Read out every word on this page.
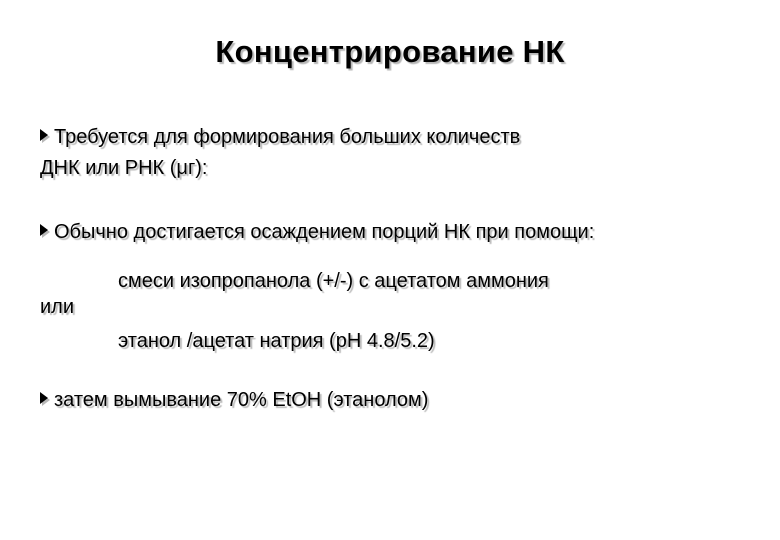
Концентрирование НК
Требуется для формирования больших количеств
ДНК или РНК (μг):
Обычно достигается осаждением порций НК при помощи:
смеси изопропанола (+/-) с ацетатом аммония
или
этанол /ацетат натрия (pH 4.8/5.2)
затем вымывание 70% EtOH (этанолом)
